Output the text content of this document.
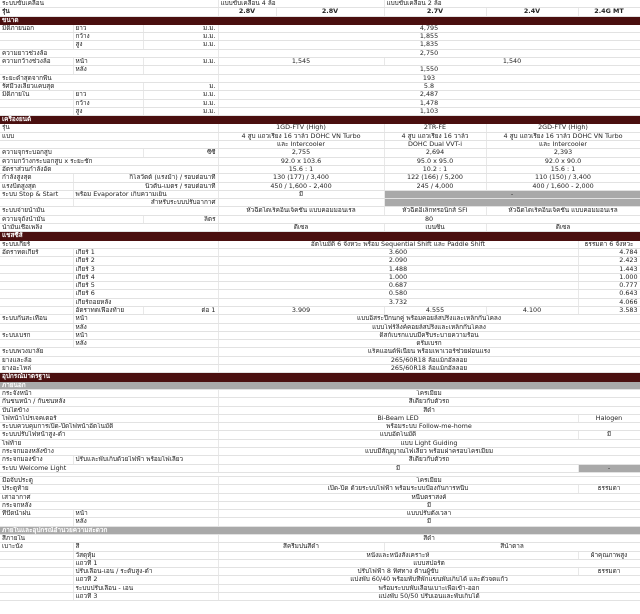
ระบบขับเคลื่อน			แบบขับเคลื่อน 4 ล้อ		แบบขับเคลื่อน 2 ล้อ		
รุ่น			2.8V	2.8V	2.7V	2.4V	2.4G MT
ขนาด							
มิติภายนอก	ยาว	ม.ม.	4,795				
	กว้าง	ม.ม.	1,855				
	สูง	ม.ม.	1,835				
ความยาวช่วงล้อ			2,750				
ความกว้างช่วงล้อ	หน้า	ม.ม.	1,545		1,540		
	หลัง		1,550				
ระยะต่ำสุดจากพื้น			193				
รัศมีวงเลี้ยวแคบสุด		ม.	5.8				
มิติภายใน	ยาว	ม.ม.	2,487				
	กว้าง	ม.ม.	1,478				
	สูง	ม.ม.	1,103				
เครื่องยนต์							
รุ่น			1GD-FTV (High)		2TR-FE	2GD-FTV (High)	
แบบ			4 สูบ แถวเรียง 16 วาล์ว DOHC VN Turbo		4 สูบ แถวเรียง 16 วาล์ว	4 สูบ แถวเรียง 16 วาล์ว DOHC VN Turbo	
			และ Intercooler		DOHC Dual VVT-i	และ Intercooler	
ความจุกระบอกสูบ		ซีซี	2,755		2,694	2,393	
ความกว้างกระบอกสูบ x ระยะชัก			92.0 x 103.6		95.0 x 95.0	92.0 x 90.0	
อัตราส่วนกำลังอัด			15.6 : 1		10.2 : 1	15.6 : 1	
กำลังสูงสุด	กิโลวัตต์ (แรงม้า) / รอบต่อนาที		130 (177) / 3,400		122 (166) / 5,200	110 (150) / 3,400	
แรงบิดสูงสุด	นิวตัน-เมตร / รอบต่อนาที		450 / 1,600 - 2,400		245 / 4,000	400 / 1,600 - 2,000	
ระบบ Stop & Start	พร้อม Evaporator เก็บความเย็น		มี		-		
	สำหรับระบบปรับอากาศ						
ระบบจ่ายน้ำมัน			หัวฉีดไดเร็คอินเจ็คชั่น แบบคอมมอนเรล		หัวฉีดอิเล็กทรอนิกส์ SFI	หัวฉีดไดเร็คอินเจ็คชั่น แบบคอมมอนเรล	
ความจุถังน้ำมัน		ลิตร	80				
น้ำมันเชื้อเพลิง			ดีเซล		เบนซิน	ดีเซล	
แชสซีส์							
ระบบเกียร์			อัตโนมัติ 6 จังหวะ พร้อม Sequential Shift และ Paddle Shift				ธรรมดา 6 จังหวะ
อัตราทดเกียร์	เกียร์ 1		3.600				4.784
	เกียร์ 2		2.090				2.423
	เกียร์ 3		1.488				1.443
	เกียร์ 4		1.000				1.000
	เกียร์ 5		0.687				0.777
	เกียร์ 6		0.580				0.643
	เกียร์ถอยหลัง		3.732				4.066
	อัตราทดเฟืองท้าย	ต่อ 1	3.909		4.555	4.100	3.583
ระบบกันสะเทือน	หน้า		แบบอิสระปีกนกคู่ พร้อมคอยล์สปริงและเหล็กกันโคลง				
	หลัง		แบบโฟร์ลิงค์คอยล์สปริงและเหล็กกันโคลง				
ระบบเบรก	หน้า		ดิสก์เบรกแบบมีครีบระบายความร้อน				
	หลัง		ดรัมเบรก				
ระบบพวงมาลัย			แร็คแอนด์พิเนียน พร้อมเพาเวอร์ช่วยผ่อนแรง				
ยางและล้อ			265/60R18 ล้อแม็กอัลลอย				
ยางอะไหล่			265/60R18 ล้อแม็กอัลลอย				
อุปกรณ์มาตรฐาน							
ภายนอก							
กระจังหน้า			โครเมียม				
กันชนหน้า / กันชนหลัง			สีเดียวกับตัวรถ				
บันไดข้าง			สีดำ				
ไฟหน้าโปรเจคเตอร์			Bi-Beam LED				Halogen
ระบบควบคุมการเปิด-ปิดไฟหน้าอัตโนมัติ			พร้อมระบบ Follow-me-home				
ระบบปรับไฟหน้าสูง-ต่ำ			แบบอัตโนมัติ				มี
ไฟท้าย			แบบ Light Guiding				
กระจกมองหลังข้าง			แบบมีสัญญาณไฟเลี้ยว พร้อมฝาครอบโครเมียม				
กระจกมองข้าง	ปรับและพับเก็บด้วยไฟฟ้า พร้อมไฟเลี้ยว		สีเดียวกับตัวรถ				
ระบบ Welcome Light			มี				-

มือจับประตู			โครเมียม				
ประตูท้าย			เปิด-ปิด ด้วยระบบไฟฟ้า พร้อมระบบป้องกันการหนีบ				ธรรมดา
เสาอากาศ			หนีบตราสงค์				
กระจกหลัง			มี				
ที่ปัดน้ำฝน	หน้า		แบบปรับตั้งเวลา				
	หลัง		มี				
ภายในและอุปกรณ์อำนวยความสะดวก							
สีภายใน			สีดำ				
เบาะนั่ง	สี		สีครีมปนสีดำ		สีน้ำตาล		
	วัสดุหุ้ม		หนังและหนังสังเคราะห์				ผ้าคุณภาพสูง
	แถวที่ 1		แบบสปอร์ต				
	ปรับเลื่อน-เอน / ระดับสูง-ต่ำ		ปรับไฟฟ้า 8 ทิศทาง ด้านผู้ขับ				ธรรมดา
	แถวที่ 2		แบ่งพับ 60/40 พร้อมพับที่พักแขนพับเก็บได้ และตัวจดแก้ว				
	ระบบปรับเลื่อน - เอน		พร้อมระบบพับเลื่อนเบาะเพื่อเข้า-ออก				
	แถวที่ 3		แบ่งพับ 50/50 ปรับเอนและพับเก็บได้				
